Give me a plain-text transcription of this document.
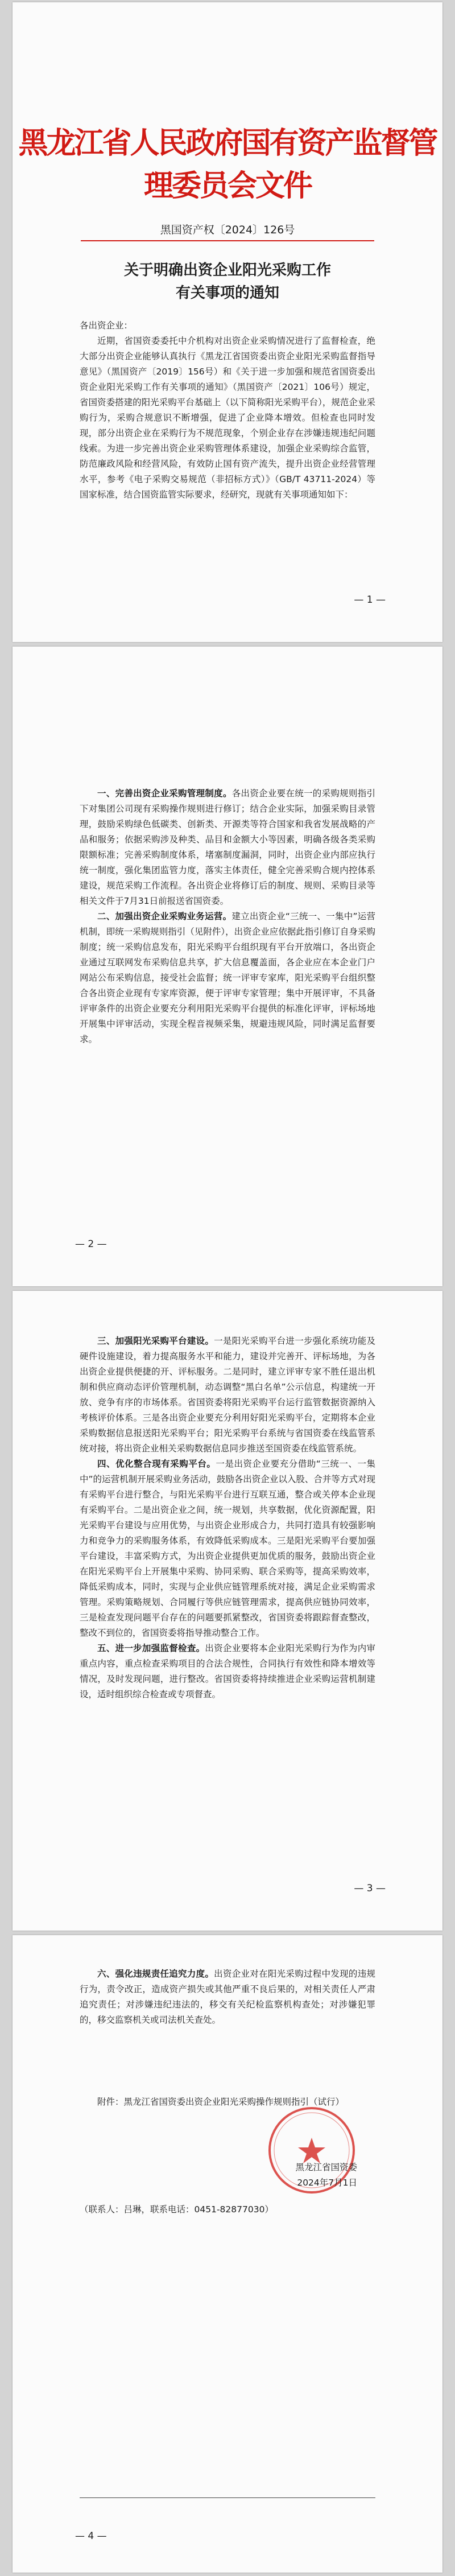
黑龙江省人民政府国有资产监督管理委员会文件
黑国资产权〔2024〕126号
关于明确出资企业阳光采购工作
有关事项的通知

各出资企业：

近期，省国资委委托中介机构对出资企业采购情况进行了监督检查，绝大部分出资企业能够认真执行《黑龙江省国资委出资企业阳光采购监督指导意见》（黑国资产〔2019〕156号）和《关于进一步加强和规范省国资委出资企业阳光采购工作有关事项的通知》（黑国资产〔2021〕106号）规定，省国资委搭建的阳光采购平台基础上（以下简称阳光采购平台），规范企业采购行为，采购合规意识不断增强，促进了企业降本增效。但检查也同时发现，部分出资企业在采购行为不规范现象，个别企业存在涉嫌违规违纪问题线索。为进一步完善出资企业采购管理体系建设，加强企业采购综合监管，防范廉政风险和经营风险，有效防止国有资产流失，提升出资企业经营管理水平，参考《电子采购交易规范（非招标方式）》（GB/T 43711-2024）等国家标准，结合国资监管实际要求，经研究，现就有关事项通知如下：

— 1 —

一、完善出资企业采购管理制度。各出资企业要在统一的采购规则指引下对集团公司现有采购操作规则进行修订；结合企业实际，加强采购目录管理，鼓励采购绿色低碳类、创新类、开源类等符合国家和我省发展战略的产品和服务；依据采购涉及种类、品目和金额大小等因素，明确各级各类采购限额标准；完善采购制度体系，堵塞制度漏洞，同时，出资企业内部应执行统一制度，强化集团监管力度，落实主体责任，健全完善采购合规内控体系建设，规范采购工作流程。各出资企业将修订后的制度、规则、采购目录等相关文件于7月31日前报送省国资委。

二、加强出资企业采购业务运营。建立出资企业“三统一、一集中”运营机制，即统一采购规则指引（见附件），出资企业应依据此指引修订自身采购制度；统一采购信息发布，阳光采购平台组织现有平台开放端口，各出资企业通过互联网发布采购信息共享，扩大信息覆盖面，各企业应在本企业门户网站公布采购信息，接受社会监督；统一评审专家库，阳光采购平台组织整合各出资企业现有专家库资源，便于评审专家管理；集中开展评审，不具备评审条件的出资企业要充分利用阳光采购平台提供的标准化评审，评标场地开展集中评审活动，实现全程音视频采集，规避违规风险，同时满足监督要求。

— 2 —

三、加强阳光采购平台建设。一是阳光采购平台进一步强化系统功能及硬件设施建设，着力提高服务水平和能力，建设并完善开、评标场地，为各出资企业提供便捷的开、评标服务。二是同时，建立评审专家不胜任退出机制和供应商动态评价管理机制，动态调整“黑白名单”公示信息，构建统一开放、竞争有序的市场体系。省国资委将阳光采购平台运行监管数据资源纳入考核评价体系。三是各出资企业要充分利用好阳光采购平台，定期将本企业采购数据信息报送阳光采购平台；阳光采购平台系统与省国资委在线监管系统对接，将出资企业相关采购数据信息同步推送至国资委在线监管系统。

四、优化整合现有采购平台。一是出资企业要充分借助“三统一、一集中”的运营机制开展采购业务活动，鼓励各出资企业以入股、合并等方式对现有采购平台进行整合，与阳光采购平台进行互联互通，整合或关停本企业现有采购平台。二是出资企业之间，统一规划，共享数据，优化资源配置，阳光采购平台建设与应用优势，与出资企业形成合力，共同打造具有较强影响力和竞争力的采购服务体系，有效降低采购成本。三是阳光采购平台要加强平台建设，丰富采购方式，为出资企业提供更加优质的服务，鼓励出资企业在阳光采购平台上开展集中采购、协同采购、联合采购等，提高采购效率，降低采购成本，同时，实现与企业供应链管理系统对接，满足企业采购需求管理。采购策略规划、合同履行等供应链管理需求，提高供应链协同效率，三是检查发现问题平台存在的问题要抓紧整改，省国资委将跟踪督查整改，整改不到位的，省国资委将指导推动整合工作。

五、进一步加强监督检查。出资企业要将本企业阳光采购行为作为内审重点内容，重点检查采购项目的合法合规性，合同执行有效性和降本增效等情况，及时发现问题，进行整改。省国资委将持续推进企业采购运营机制建设，适时组织综合检查或专项督查。

— 3 —

六、强化违规责任追究力度。出资企业对在阳光采购过程中发现的违规行为，责令改正，造成资产损失或其他严重不良后果的，对相关责任人严肃追究责任；对涉嫌违纪违法的，移交有关纪检监察机构查处；对涉嫌犯罪的，移交监察机关或司法机关查处。

附件： 黑龙江省国资委出资企业阳光采购操作规则指引（试行）
黑龙江省国资委
2024年7月1日
（联系人：吕琳，联系电话：0451-82877030）
— 4 —
